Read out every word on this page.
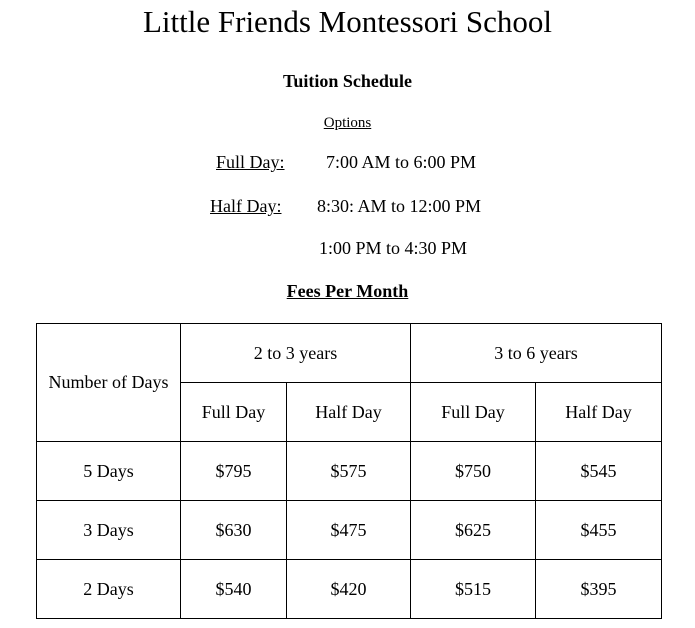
Little Friends Montessori School
Tuition Schedule
Options
Full Day: 7:00 AM to 6:00 PM
Half Day: 8:30: AM to 12:00 PM
1:00 PM to 4:30 PM
Fees Per Month
Number of Days	2 to 3 years		3 to 6 years	
	Full Day	Half Day	Full Day	Half Day
5 Days	$795	$575	$750	$545
3 Days	$630	$475	$625	$455
2 Days	$540	$420	$515	$395
